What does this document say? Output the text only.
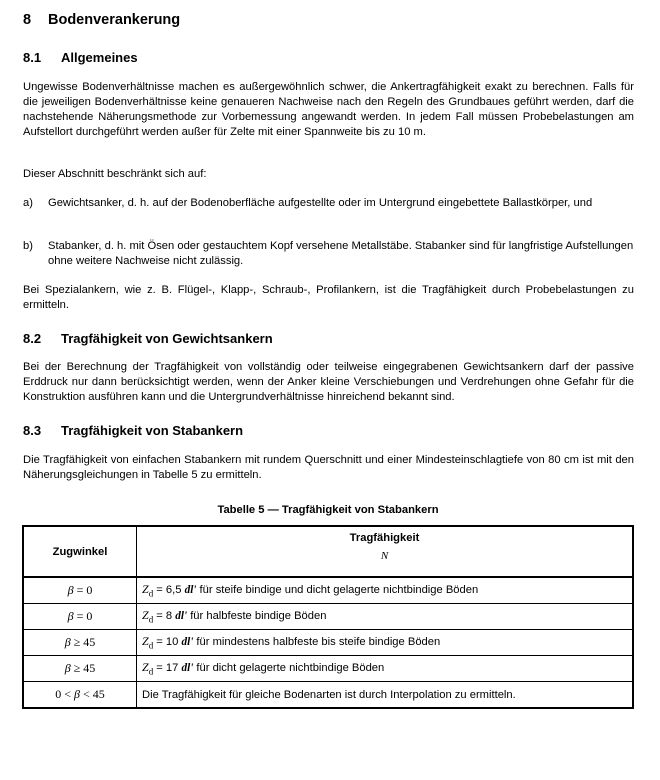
8 Bodenverankerung
8.1 Allgemeines
Ungewisse Bodenverhältnisse machen es außergewöhnlich schwer, die Ankertragfähigkeit exakt zu berechnen. Falls für die jeweiligen Bodenverhältnisse keine genaueren Nachweise nach den Regeln des Grundbaues geführt werden, darf die nachstehende Näherungsmethode zur Vorbemessung angewandt werden. In jedem Fall müssen Probebelastungen am Aufstellort durchgeführt werden außer für Zelte mit einer Spannweite bis zu 10 m.
Dieser Abschnitt beschränkt sich auf:
a) Gewichtsanker, d. h. auf der Bodenoberfläche aufgestellte oder im Untergrund eingebettete Ballastkörper, und
b) Stabanker, d. h. mit Ösen oder gestauchtem Kopf versehene Metallstäbe. Stabanker sind für langfristige Aufstellungen ohne weitere Nachweise nicht zulässig.
Bei Spezialankern, wie z. B. Flügel-, Klapp-, Schraub-, Profilankern, ist die Tragfähigkeit durch Probebelastungen zu ermitteln.
8.2 Tragfähigkeit von Gewichtsankern
Bei der Berechnung der Tragfähigkeit von vollständig oder teilweise eingegrabenen Gewichtsankern darf der passive Erddruck nur dann berücksichtigt werden, wenn der Anker kleine Verschiebungen und Verdrehungen ohne Gefahr für die Konstruktion ausführen kann und die Untergrundverhältnisse hinreichend bekannt sind.
8.3 Tragfähigkeit von Stabankern
Die Tragfähigkeit von einfachen Stabankern mit rundem Querschnitt und einer Mindesteinschlagtiefe von 80 cm ist mit den Näherungsgleichungen in Tabelle 5 zu ermitteln.
Tabelle 5 — Tragfähigkeit von Stabankern
Zugwinkel	Tragfähigkeit
N

β = 0	$Z_d = 6,5$ dl' für steife bindige und dicht gelagerte nichtbindige Böden
β = 0	$Z_d = 8$ dl' für halbfeste bindige Böden
β ≥ 45	$Z_d = 10$ dl' für mindestens halbfeste bis steife bindige Böden
β ≥ 45	$Z_d = 17$ dl' für dicht gelagerte nichtbindige Böden
0 < β < 45	Die Tragfähigkeit für gleiche Bodenarten ist durch Interpolation zu ermitteln.
